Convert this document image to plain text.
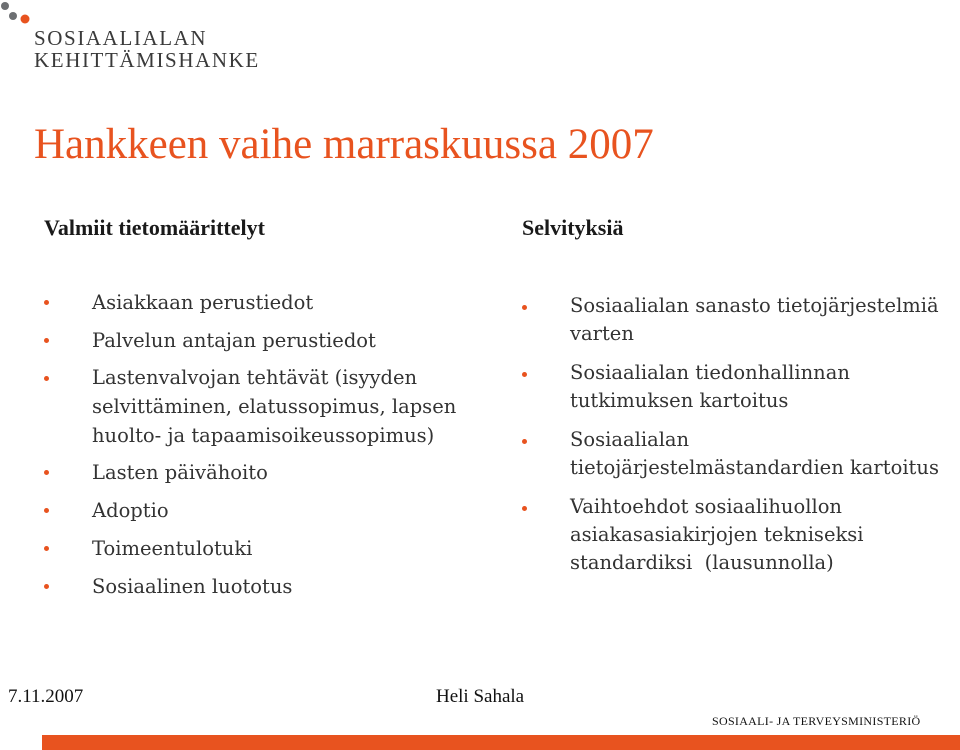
SOSIAALIALAN
KEHITTÄMISHANKE
Hankkeen vaihe marraskuussa 2007
Valmiit tietomäärittelyt	Selvityksiä
Asiakkaan perustiedot
Palvelun antajan perustiedot
Lastenvalvojan tehtävät (isyyden selvittäminen, elatussopimus, lapsen huolto- ja tapaamisoikeussopimus)
Lasten päivähoito
Adoptio
Toimeentulotuki
Sosiaalinen luototus
Sosiaalialan sanasto tietojärjestelmiä
varten
Sosiaalialan tiedonhallinnan
tutkimuksen kartoitus
Sosiaalialan
tietojärjestelmästandardien kartoitus
Vaihtoehdot sosiaalihuollon
asiakasasiakirjojen tekniseksi
standardiksi  (lausunnolla)
7.11.2007	Heli Sahala
SOSIAALI- JA TERVEYSMINISTERIÖ
